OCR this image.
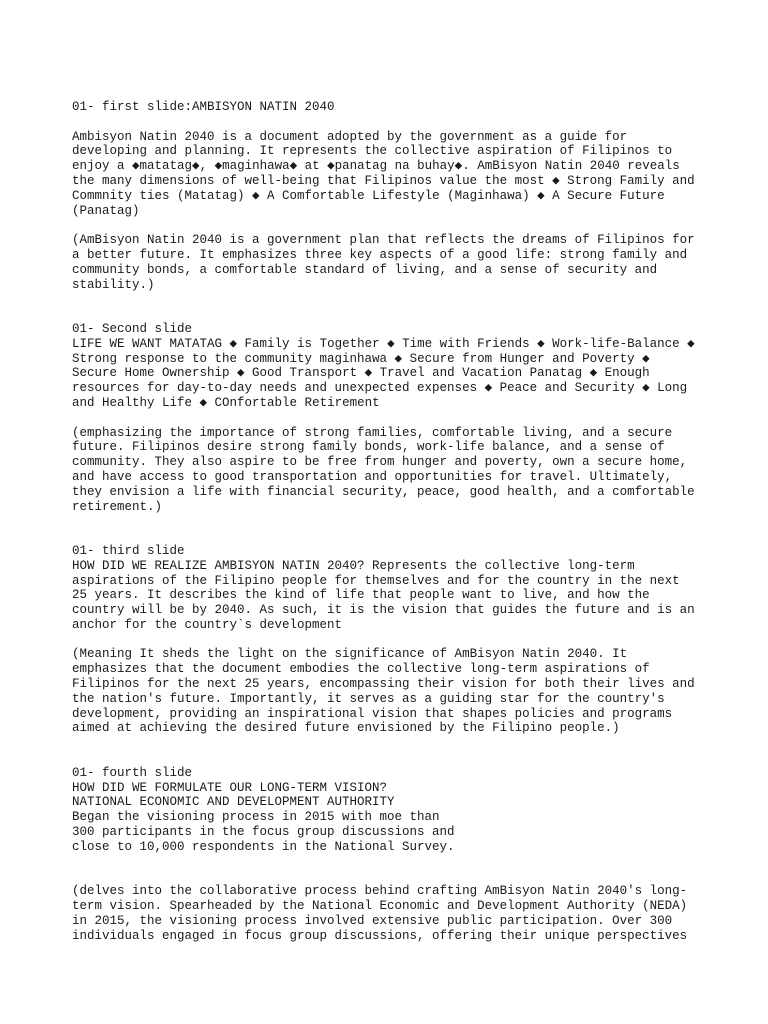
01- first slide:AMBISYON NATIN 2040
Ambisyon Natin 2040 is a document adopted by the government as a guide for
developing and planning. It represents the collective aspiration of Filipinos to
enjoy a ◆matatag◆, ◆maginhawa◆ at ◆panatag na buhay◆. AmBisyon Natin 2040 reveals
the many dimensions of well-being that Filipinos value the most ◆ Strong Family and
Commnity ties (Matatag) ◆ A Comfortable Lifestyle (Maginhawa) ◆ A Secure Future
(Panatag)
(AmBisyon Natin 2040 is a government plan that reflects the dreams of Filipinos for
a better future. It emphasizes three key aspects of a good life: strong family and
community bonds, a comfortable standard of living, and a sense of security and
stability.)
01- Second slide
LIFE WE WANT MATATAG ◆ Family is Together ◆ Time with Friends ◆ Work-life-Balance ◆
Strong response to the community maginhawa ◆ Secure from Hunger and Poverty ◆
Secure Home Ownership ◆ Good Transport ◆ Travel and Vacation Panatag ◆ Enough
resources for day-to-day needs and unexpected expenses ◆ Peace and Security ◆ Long
and Healthy Life ◆ COnfortable Retirement
(emphasizing the importance of strong families, comfortable living, and a secure
future. Filipinos desire strong family bonds, work-life balance, and a sense of
community. They also aspire to be free from hunger and poverty, own a secure home,
and have access to good transportation and opportunities for travel. Ultimately,
they envision a life with financial security, peace, good health, and a comfortable
retirement.)
01- third slide
HOW DID WE REALIZE AMBISYON NATIN 2040? Represents the collective long-term
aspirations of the Filipino people for themselves and for the country in the next
25 years. It describes the kind of life that people want to live, and how the
country will be by 2040. As such, it is the vision that guides the future and is an
anchor for the country`s development
(Meaning It sheds the light on the significance of AmBisyon Natin 2040. It
emphasizes that the document embodies the collective long-term aspirations of
Filipinos for the next 25 years, encompassing their vision for both their lives and
the nation's future. Importantly, it serves as a guiding star for the country's
development, providing an inspirational vision that shapes policies and programs
aimed at achieving the desired future envisioned by the Filipino people.)
01- fourth slide
HOW DID WE FORMULATE OUR LONG-TERM VISION?
NATIONAL ECONOMIC AND DEVELOPMENT AUTHORITY
Began the visioning process in 2015 with moe than
300 participants in the focus group discussions and
close to 10,000 respondents in the National Survey.
(delves into the collaborative process behind crafting AmBisyon Natin 2040's long-
term vision. Spearheaded by the National Economic and Development Authority (NEDA)
in 2015, the visioning process involved extensive public participation. Over 300
individuals engaged in focus group discussions, offering their unique perspectives
